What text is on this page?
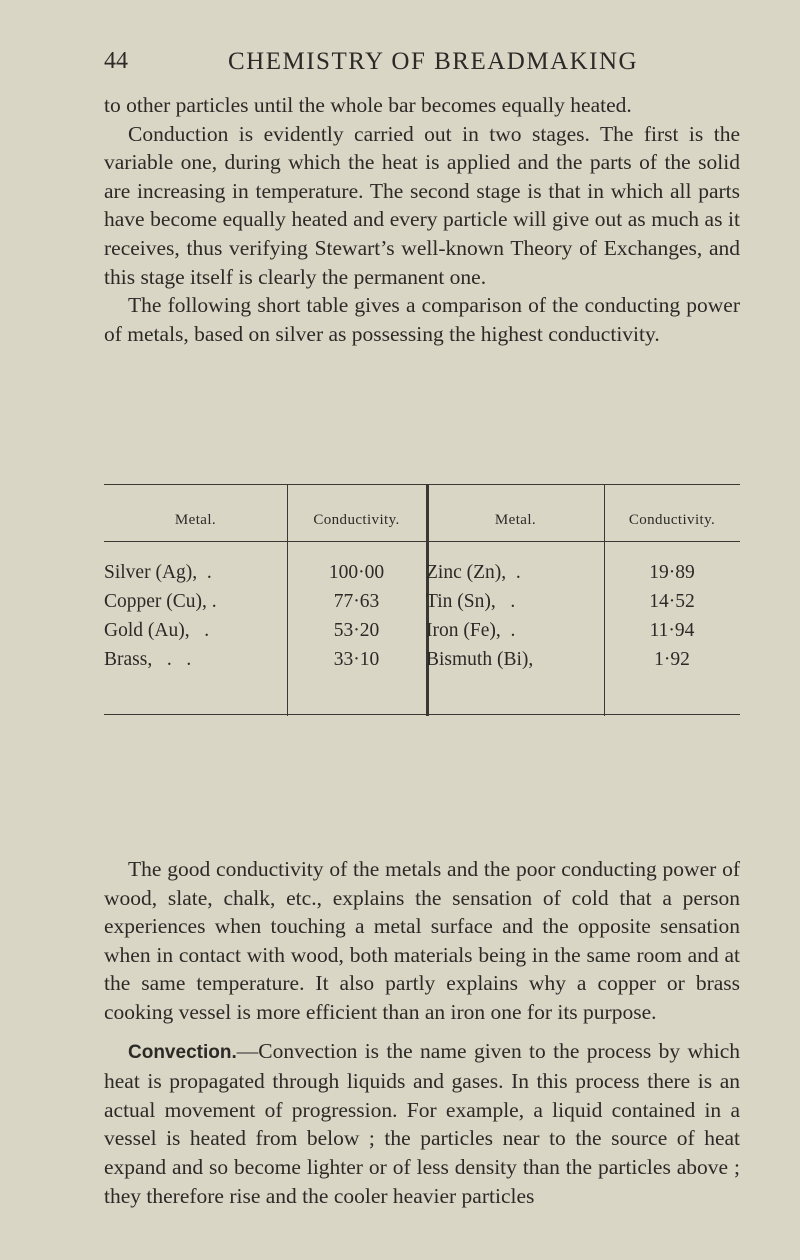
44	CHEMISTRY OF BREADMAKING

to other particles until the whole bar becomes equally heated.

Conduction is evidently carried out in two stages. The first is the variable one, during which the heat is applied and the parts of the solid are increasing in temperature. The second stage is that in which all parts have become equally heated and every particle will give out as much as it receives, thus verifying Stewart’s well-known Theory of Exchanges, and this stage itself is clearly the permanent one.

The following short table gives a comparison of the conducting power of metals, based on silver as possessing the highest conductivity.

Metal.	Conductivity.	Metal.	Conductivity.
Silver (Ag),  .	100·00	Zinc (Zn),  .	19·89
Copper (Cu), .	77·63	Tin (Sn),   .	14·52
Gold (Au),   .	53·20	Iron (Fe),  .	11·94
Brass,   .   .	33·10	Bismuth (Bi),	1·92

The good conductivity of the metals and the poor conducting power of wood, slate, chalk, etc., explains the sensation of cold that a person experiences when touching a metal surface and the opposite sensation when in contact with wood, both materials being in the same room and at the same temperature. It also partly explains why a copper or brass cooking vessel is more efficient than an iron one for its purpose.

Convection.—Convection is the name given to the process by which heat is propagated through liquids and gases. In this process there is an actual movement of progression. For example, a liquid contained in a vessel is heated from below ; the particles near to the source of heat expand and so become lighter or of less density than the particles above ; they therefore rise and the cooler heavier particles
